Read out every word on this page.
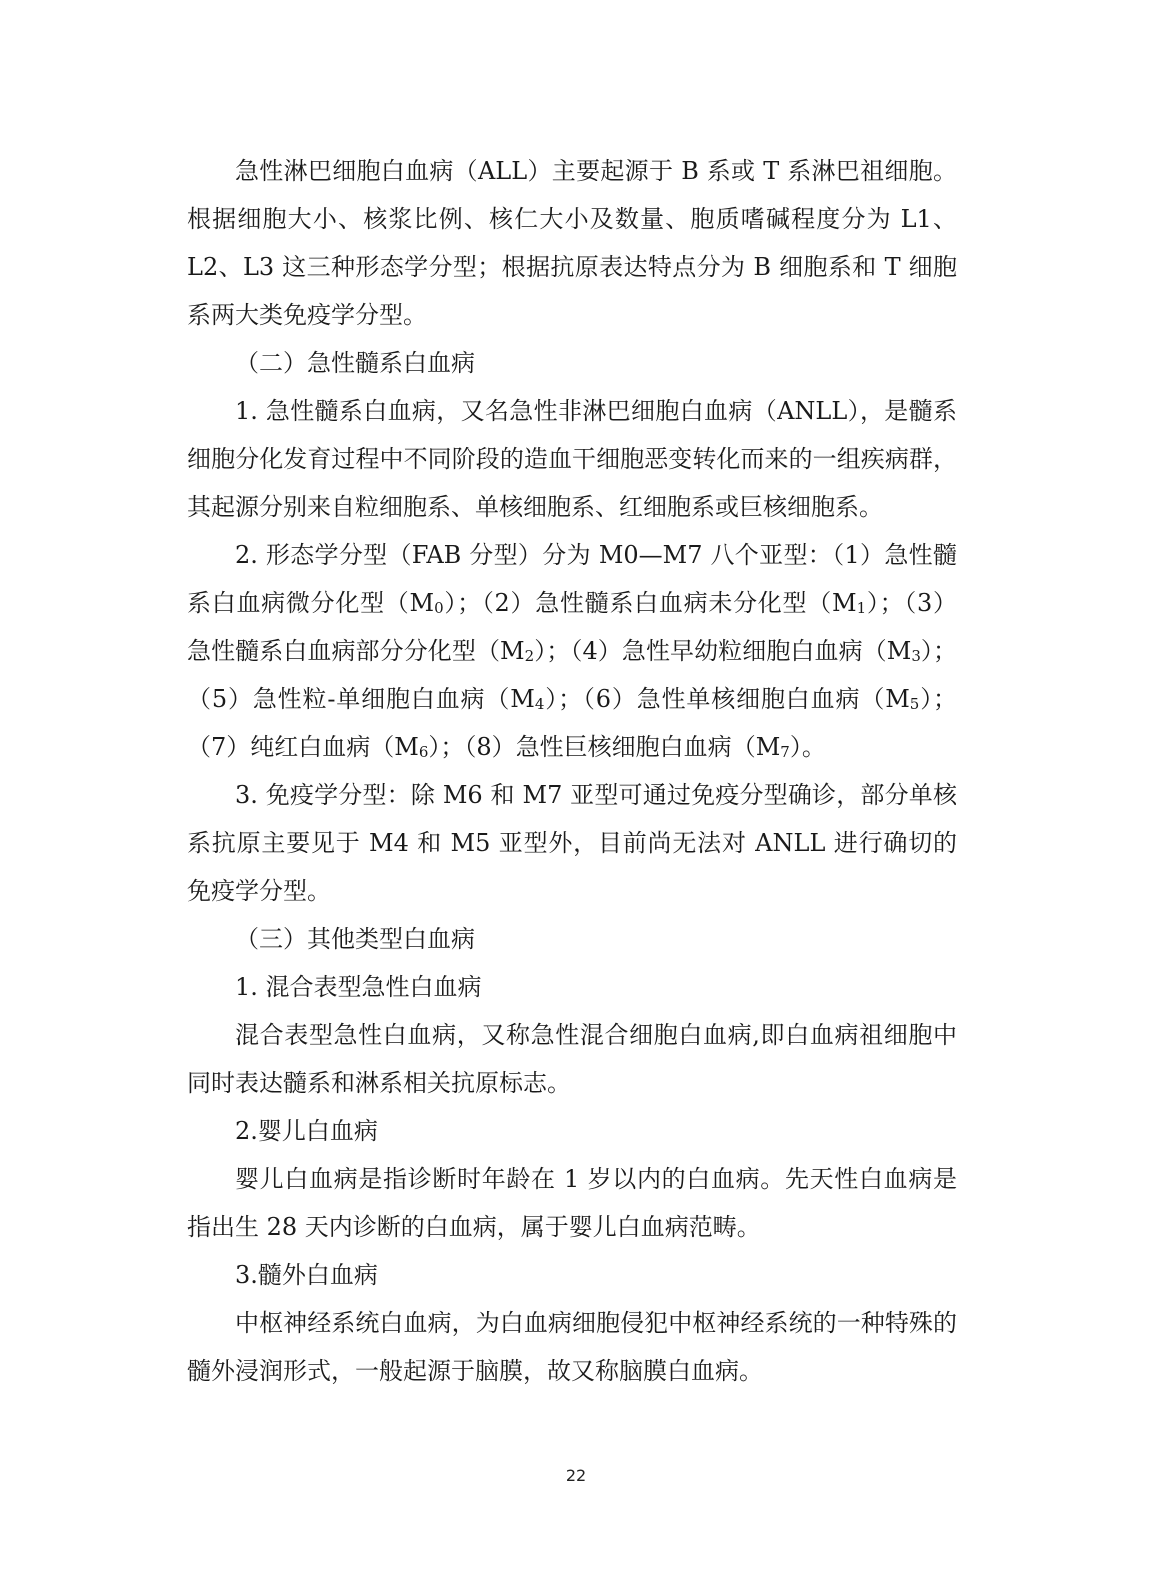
急性淋巴细胞白血病（ALL）主要起源于 B 系或 T 系淋巴祖细胞。根据细胞大小、核浆比例、核仁大小及数量、胞质嗜碱程度分为 L1、L2、L3 这三种形态学分型；根据抗原表达特点分为 B 细胞系和 T 细胞系两大类免疫学分型。

（二）急性髓系白血病

1. 急性髓系白血病，又名急性非淋巴细胞白血病（ANLL），是髓系细胞分化发育过程中不同阶段的造血干细胞恶变转化而来的一组疾病群，其起源分别来自粒细胞系、单核细胞系、红细胞系或巨核细胞系。

2. 形态学分型（FAB 分型）分为 M0—M7 八个亚型：（1）急性髓系白血病微分化型$(M_0)$；（2）急性髓系白血病未分化型$(M_1)$；（3）急性髓系白血病部分分化型$(M_2)$；（4）急性早幼粒细胞白血病$(M_3)$；（5）急性粒-单细胞白血病$(M_4)$；（6）急性单核细胞白血病$(M_5)$；（7）纯红白血病$(M_6)$；（8）急性巨核细胞白血病$(M_7)$。

3. 免疫学分型：除 M6 和 M7 亚型可通过免疫分型确诊，部分单核系抗原主要见于 M4 和 M5 亚型外，目前尚无法对 ANLL 进行确切的免疫学分型。

（三）其他类型白血病

1. 混合表型急性白血病

混合表型急性白血病，又称急性混合细胞白血病,即白血病祖细胞中同时表达髓系和淋系相关抗原标志。

2.婴儿白血病

婴儿白血病是指诊断时年龄在 1 岁以内的白血病。先天性白血病是指出生 28 天内诊断的白血病，属于婴儿白血病范畴。

3.髓外白血病

中枢神经系统白血病，为白血病细胞侵犯中枢神经系统的一种特殊的髓外浸润形式，一般起源于脑膜，故又称脑膜白血病。

22
